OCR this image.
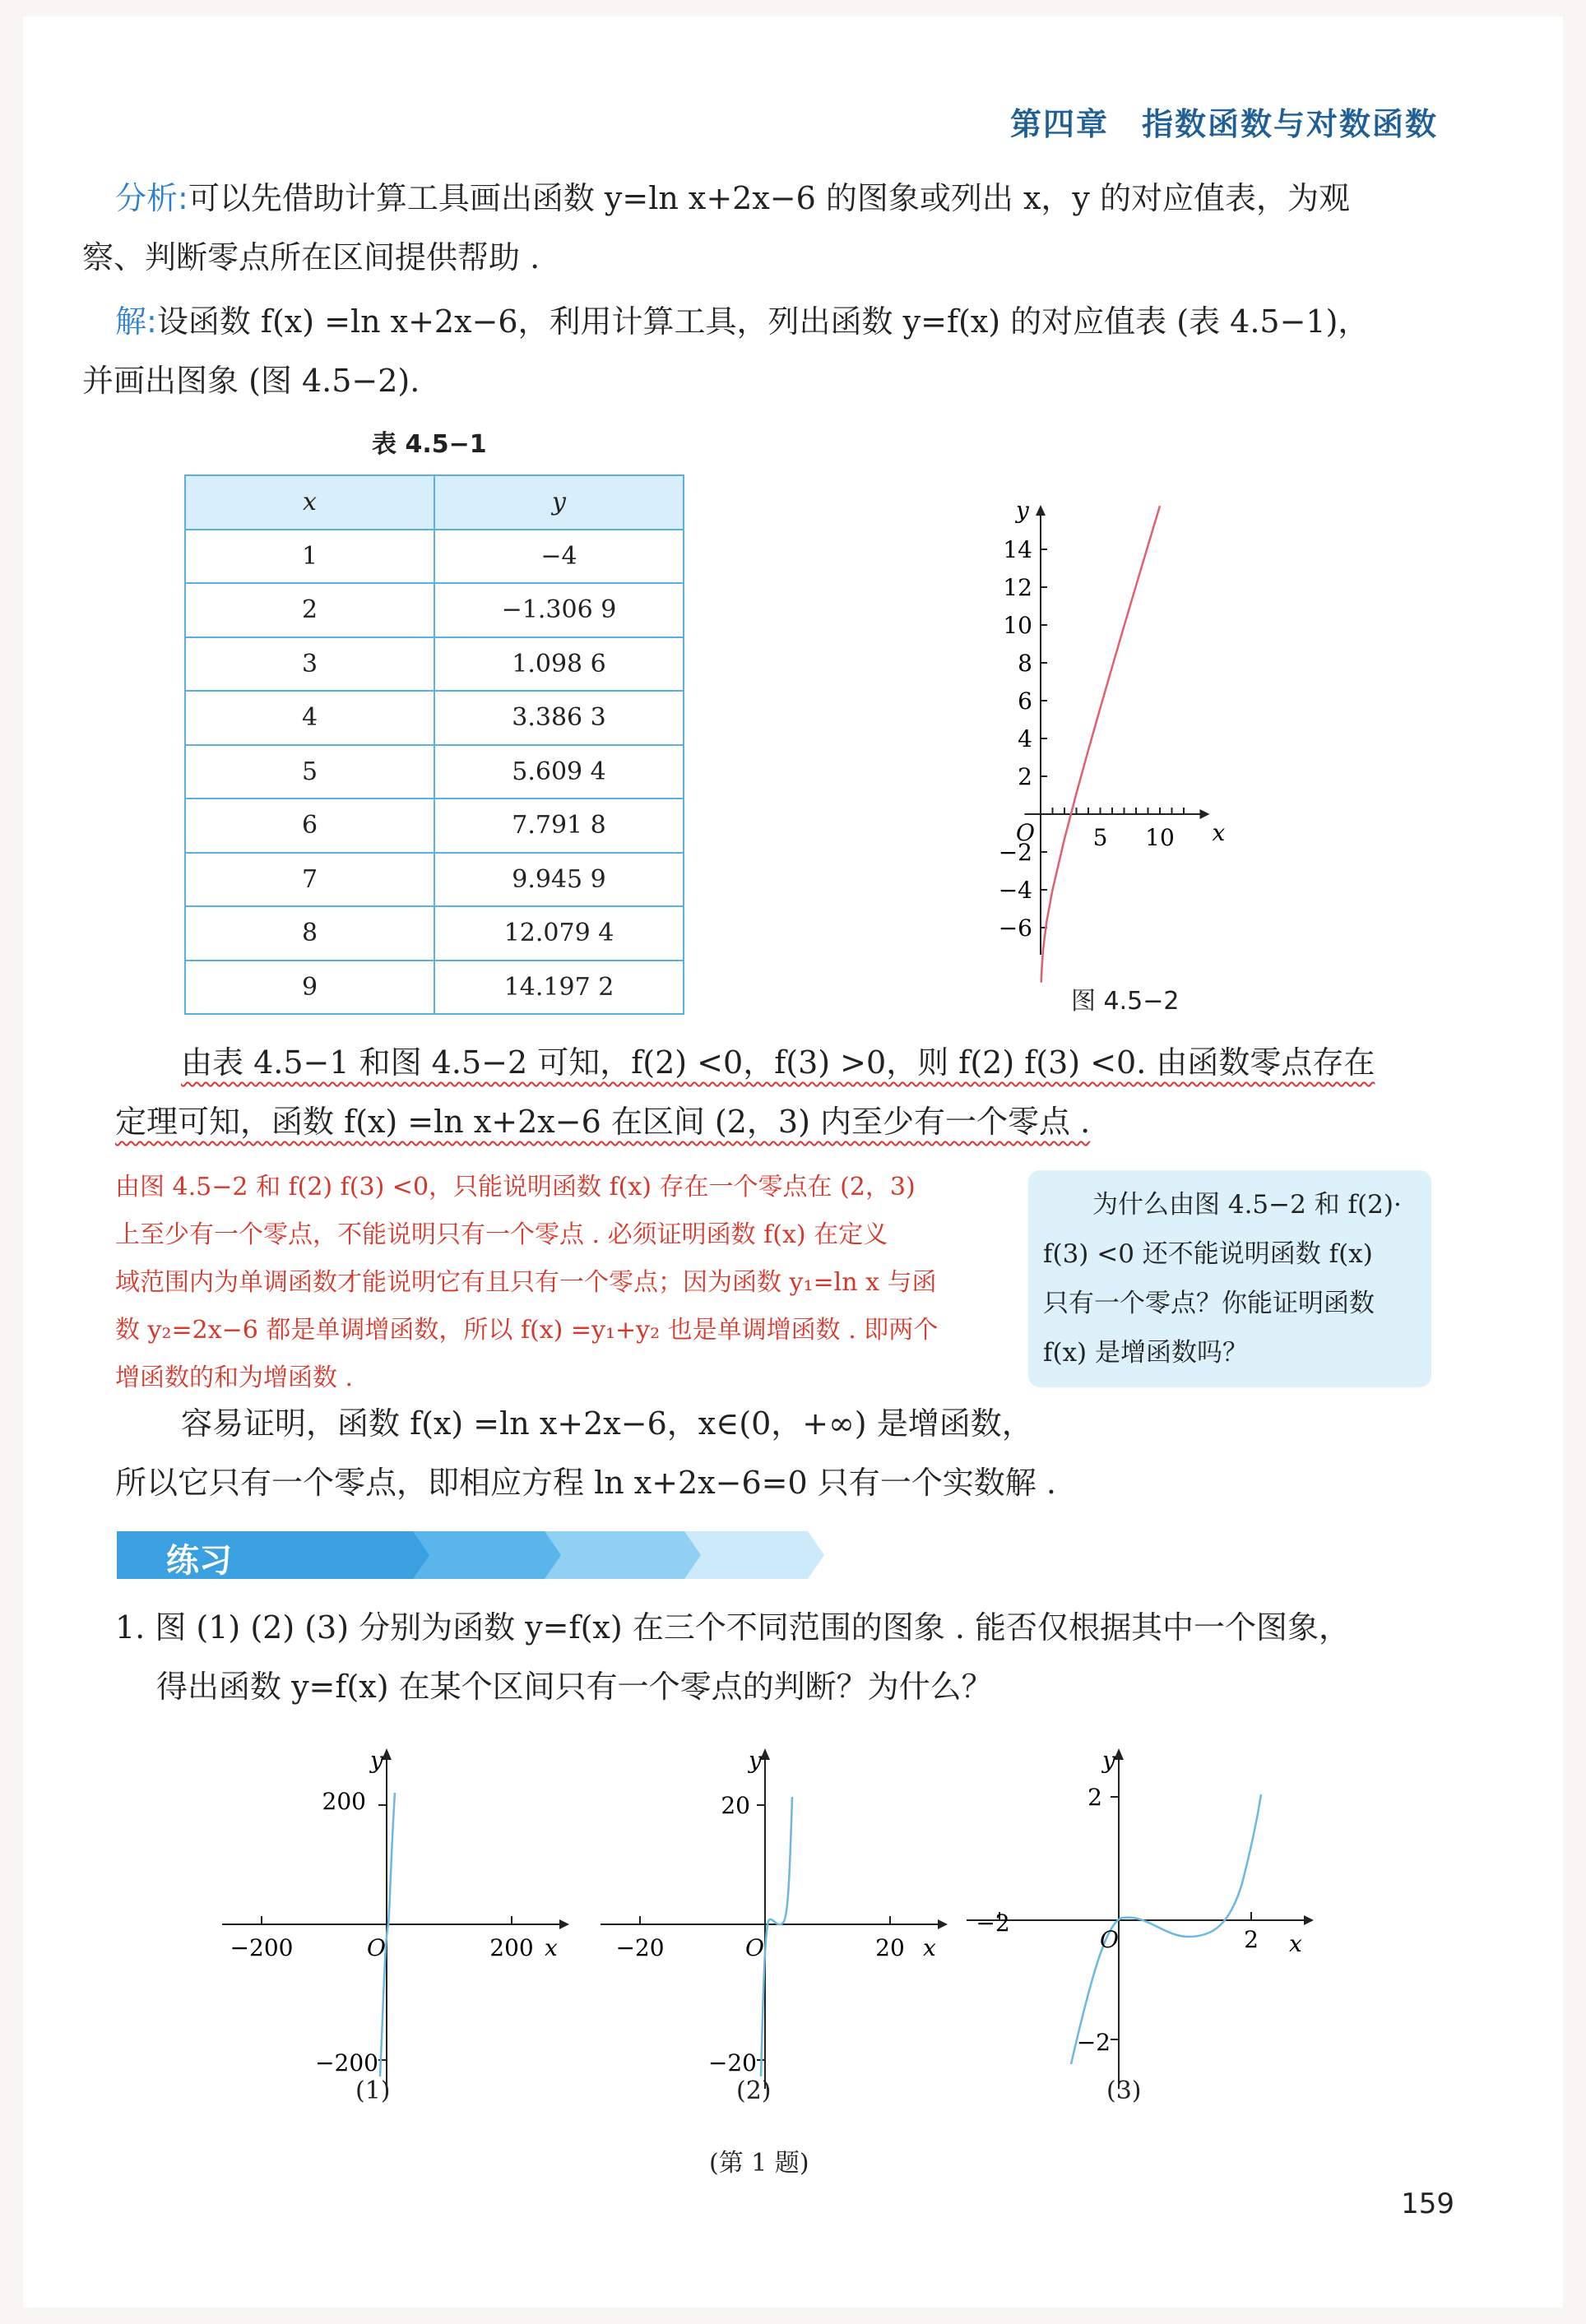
第四章 指数函数与对数函数
分析:可以先借助计算工具画出函数 y=ln x+2x−6 的图象或列出 x，y 的对应值表，为观
察、判断零点所在区间提供帮助 .
解:设函数 f(x) =ln x+2x−6，利用计算工具，列出函数 y=f(x) 的对应值表 (表 4.5−1)，
并画出图象 (图 4.5−2).
表 4.5−1
x	y
1	−4
2	−1.306 9
3	1.098 6
4	3.386 3
5	5.609 4
6	7.791 8
7	9.945 9
8	12.079 4
9	14.197 2
y
x
O
14
12
10
8
6
4
2
−2
−4
−6
5 10
图 4.5−2
由表 4.5−1 和图 4.5−2 可知，f(2) <0，f(3) >0，则 f(2) f(3) <0. 由函数零点存在
定理可知，函数 f(x) =ln x+2x−6 在区间 (2，3) 内至少有一个零点 .
由图 4.5−2 和 f(2) f(3) <0，只能说明函数 f(x) 存在一个零点在 (2，3)
上至少有一个零点，不能说明只有一个零点 . 必须证明函数 f(x) 在定义
域范围内为单调函数才能说明它有且只有一个零点；因为函数 y₁=ln x 与函
数 y₂=2x−6 都是单调增函数，所以 f(x) =y₁+y₂ 也是单调增函数 . 即两个
增函数的和为增函数 .
为什么由图 4.5−2 和 f(2)·
f(3) <0 还不能说明函数 f(x)
只有一个零点？你能证明函数
f(x) 是增函数吗？
容易证明，函数 f(x) =ln x+2x−6，x∈(0，+∞) 是增函数，
所以它只有一个零点，即相应方程 ln x+2x−6=0 只有一个实数解 .
练习
1. 图 (1) (2) (3) 分别为函数 y=f(x) 在三个不同范围的图象 . 能否仅根据其中一个图象，
得出函数 y=f(x) 在某个区间只有一个零点的判断？为什么？
y
x
200
−200
−200	200
O
y
x
20
−20
−20	20
O
y
x
2
−2
−2
2
O
(1)	(2)	(3)
(第 1 题)
159
